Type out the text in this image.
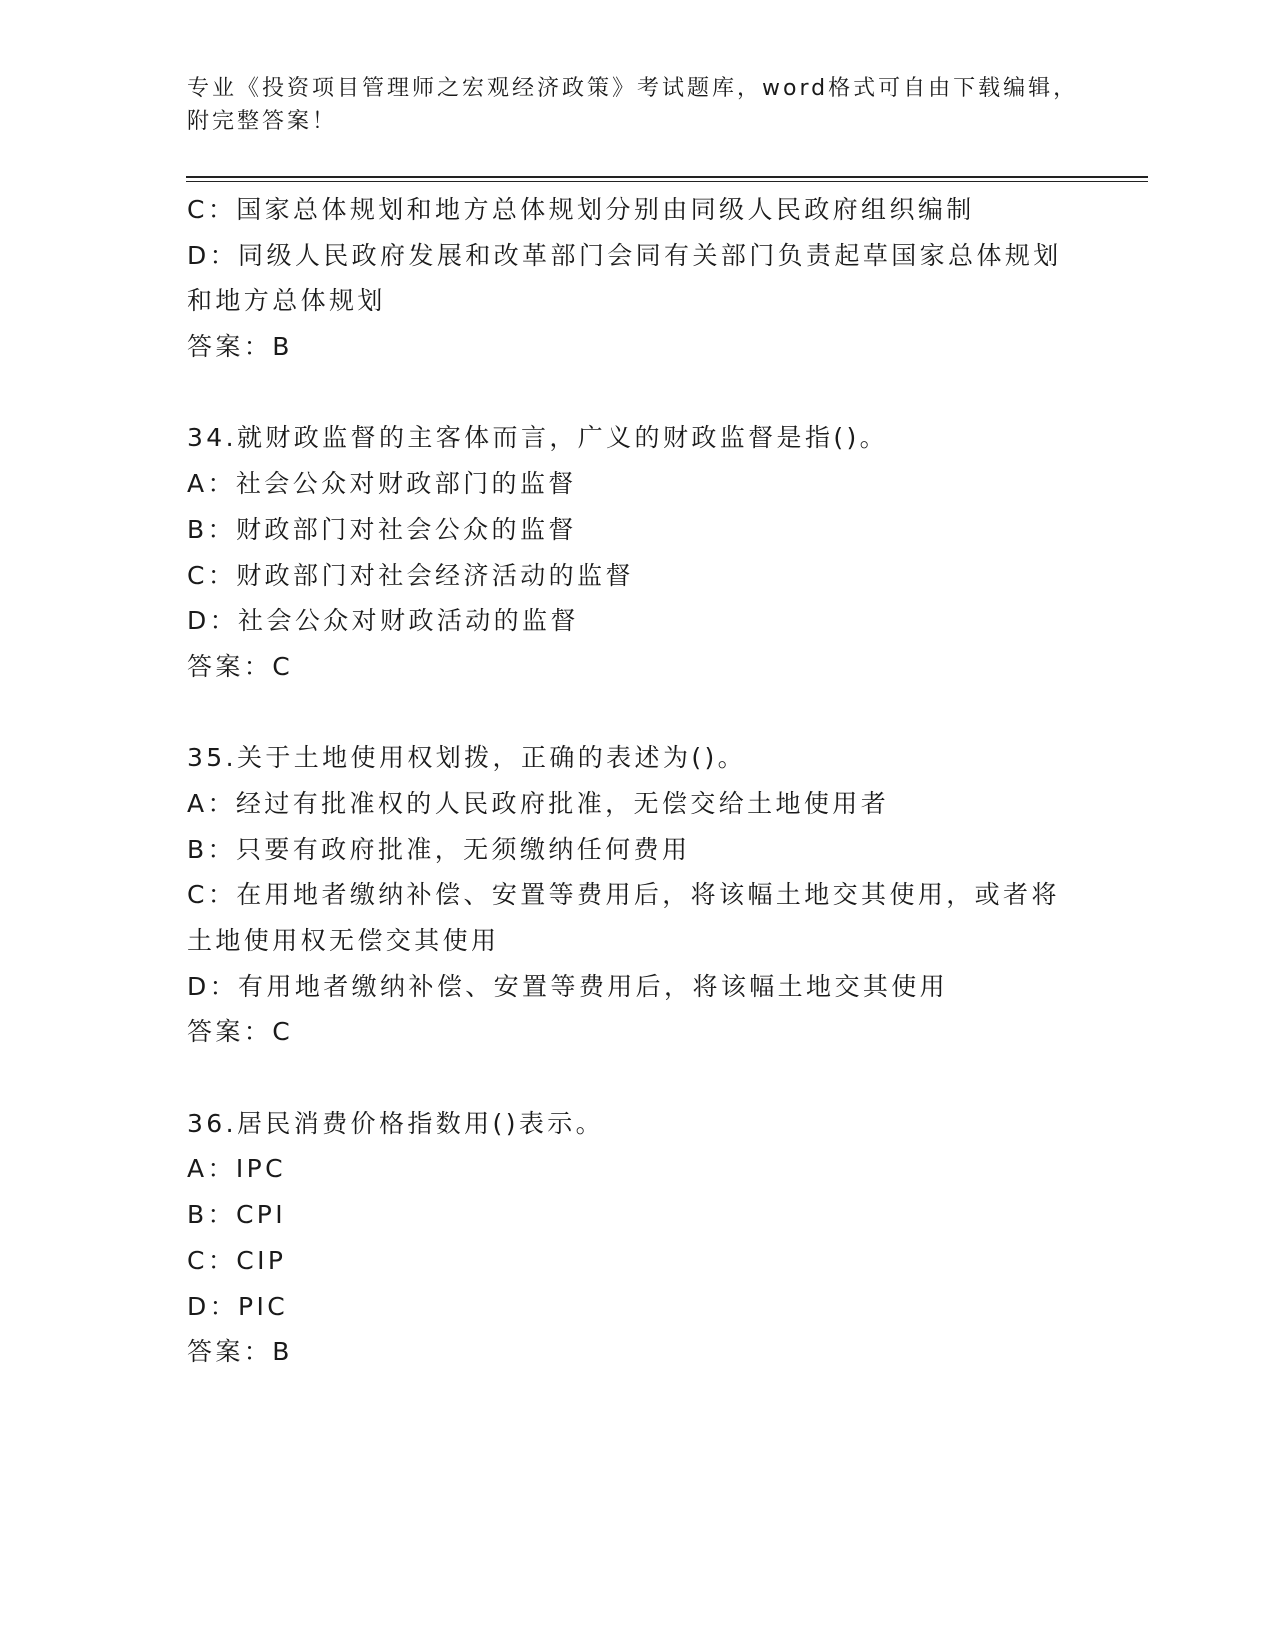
专业《投资项目管理师之宏观经济政策》考试题库，word格式可自由下载编辑，
附完整答案！
C：国家总体规划和地方总体规划分别由同级人民政府组织编制
D：同级人民政府发展和改革部门会同有关部门负责起草国家总体规划
和地方总体规划
答案：B
34.就财政监督的主客体而言，广义的财政监督是指()。
A：社会公众对财政部门的监督
B：财政部门对社会公众的监督
C：财政部门对社会经济活动的监督
D：社会公众对财政活动的监督
答案：C
35.关于土地使用权划拨，正确的表述为()。
A：经过有批准权的人民政府批准，无偿交给土地使用者
B：只要有政府批准，无须缴纳任何费用
C：在用地者缴纳补偿、安置等费用后，将该幅土地交其使用，或者将
土地使用权无偿交其使用
D：有用地者缴纳补偿、安置等费用后，将该幅土地交其使用
答案：C
36.居民消费价格指数用()表示。
A：IPC
B：CPI
C：CIP
D：PIC
答案：B
